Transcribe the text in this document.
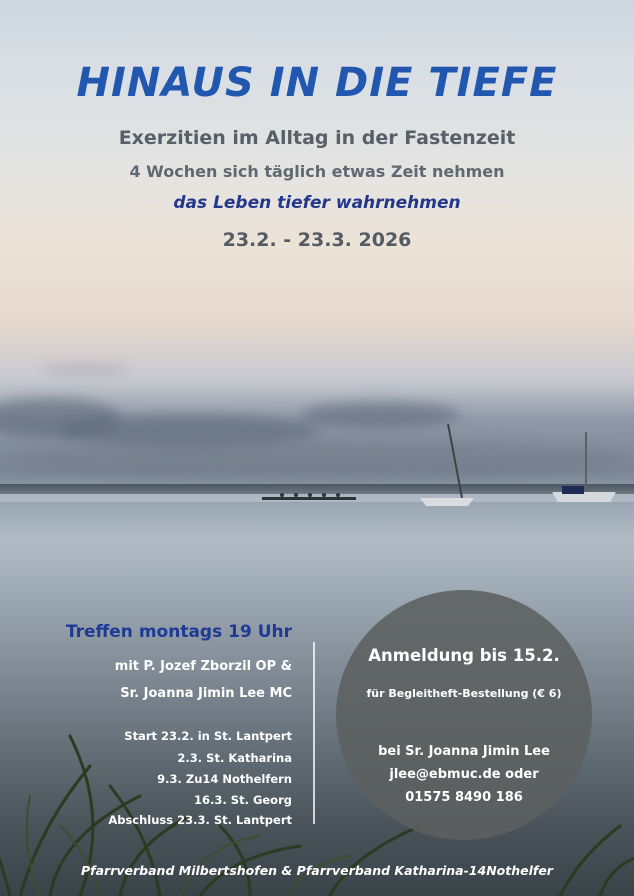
HINAUS IN DIE TIEFE

Exerzitien im Alltag in der Fastenzeit

4 Wochen sich täglich etwas Zeit nehmen

das Leben tiefer wahrnehmen

23.2. - 23.3. 2026

Treffen montags 19 Uhr

mit P. Jozef Zborzil OP &

Sr. Joanna Jimin Lee MC

Start 23.2. in St. Lantpert

2.3. St. Katharina

9.3. Zu14 Nothelfern

16.3. St. Georg

Abschluss 23.3. St. Lantpert

Anmeldung bis 15.2.

für Begleitheft-Bestellung (€ 6)

bei Sr. Joanna Jimin Lee

jlee@ebmuc.de oder

01575 8490 186

Pfarrverband Milbertshofen & Pfarrverband Katharina-14Nothelfer
